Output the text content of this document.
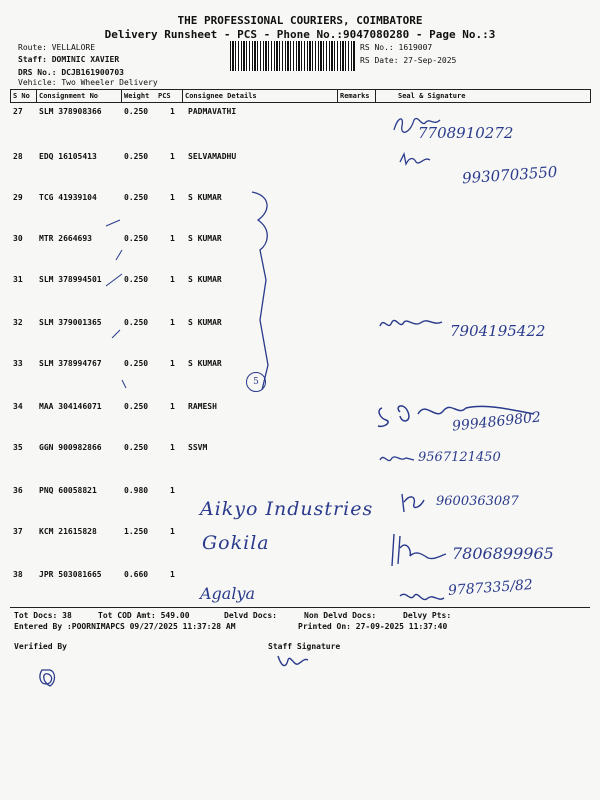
THE PROFESSIONAL COURIERS, COIMBATORE
Delivery Runsheet - PCS - Phone No.:9047080280 - Page No.:3
Route: VELLALORE
Staff: DOMINIC XAVIER
DRS No.: DCJB161900703
Vehicle: Two Wheeler Delivery
RS No.: 1619007
RS Date: 27-Sep-2025
S No Consignment No	Weight PCS Consignee Details	Remarks	Seal & Signature
27 SLM 378908366	0.250	1 PADMAVATHI
28 EDQ 16105413	0.250	1 SELVAMADHU
29 TCG 41939104	0.250	1 S KUMAR
30 MTR 2664693	0.250	1 S KUMAR
31 SLM 378994501	0.250	1 S KUMAR
32 SLM 379001365	0.250	1 S KUMAR
33 SLM 378994767	0.250	1 S KUMAR
34 MAA 304146071	0.250	1 RAMESH
35 GGN 900982866	0.250	1 SSVM
36 PNQ 60058821	0.980	1
37 KCM 21615828	1.250	1
38 JPR 503081665	0.660	1
7708910272
9930703550
5
7904195422
9994869802
9567121450
Aikyo Industries	9600363087
Gokila	7806899965
Agalya	9787335/82
Tot Docs: 38	Tot COD Amt: 549.00	Delvd Docs:	Non Delvd Docs:	Delvy Pts:
Entered By :POORNIMAPCS 09/27/2025 11:37:28 AM	Printed On: 27-09-2025 11:37:40
Verified By	Staff Signature
